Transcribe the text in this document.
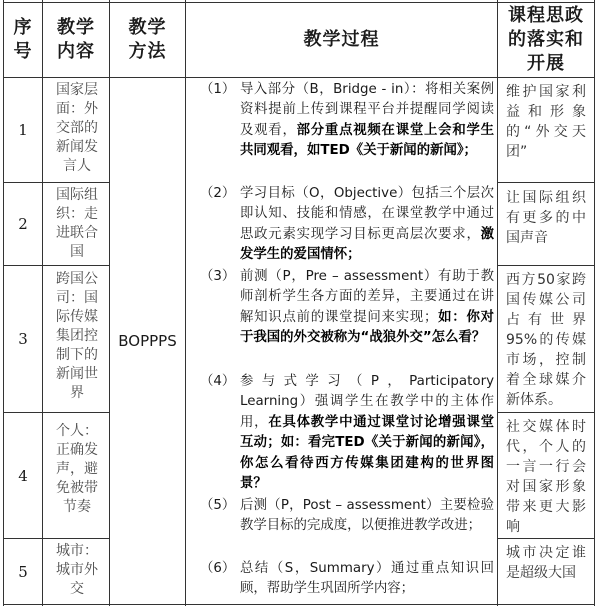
序号
教学内容
教学方法
教学过程
课程思政的落实和开展
1
2
3
4
5
国家层面：外交部的新闻发言人
国际组织：走进联合国
跨国公司：国际传媒集团控制下的新闻世界
个人：正确发声，避免被带节奏
城市：城市外交
BOPPPS
（1） 导入部分（B，Bridge - in）：将相关案例资料提前上传到课程平台并提醒同学阅读及观看，部分重点视频在课堂上会和学生共同观看，如TED《关于新闻的新闻》；
（2） 学习目标（O，Objective）包括三个层次即认知、技能和情感，在课堂教学中通过思政元素实现学习目标更高层次要求，激发学生的爱国情怀；
（3） 前测（P，Pre – assessment）有助于教师剖析学生各方面的差异，主要通过在讲解知识点前的课堂提问来实现；如：你对于我国的外交被称为“战狼外交”怎么看？
（4） 参与式学习（P，Participatory Learning）强调学生在教学中的主体作用，在具体教学中通过课堂讨论增强课堂互动；如：看完TED《关于新闻的新闻》，你怎么看待西方传媒集团建构的世界图景？
（5） 后测（P，Post – assessment）主要检验教学目标的完成度，以便推进教学改进；
（6） 总结（S，Summary）通过重点知识回顾，帮助学生巩固所学内容；
维护国家利益和形象的“外交天团”
让国际组织有更多的中国声音
西方50家跨国传媒公司占有世界95%的传媒市场，控制着全球媒介新体系。
社交媒体时代，个人的一言一行会对国家形象带来更大影响
城市决定谁是超级大国
